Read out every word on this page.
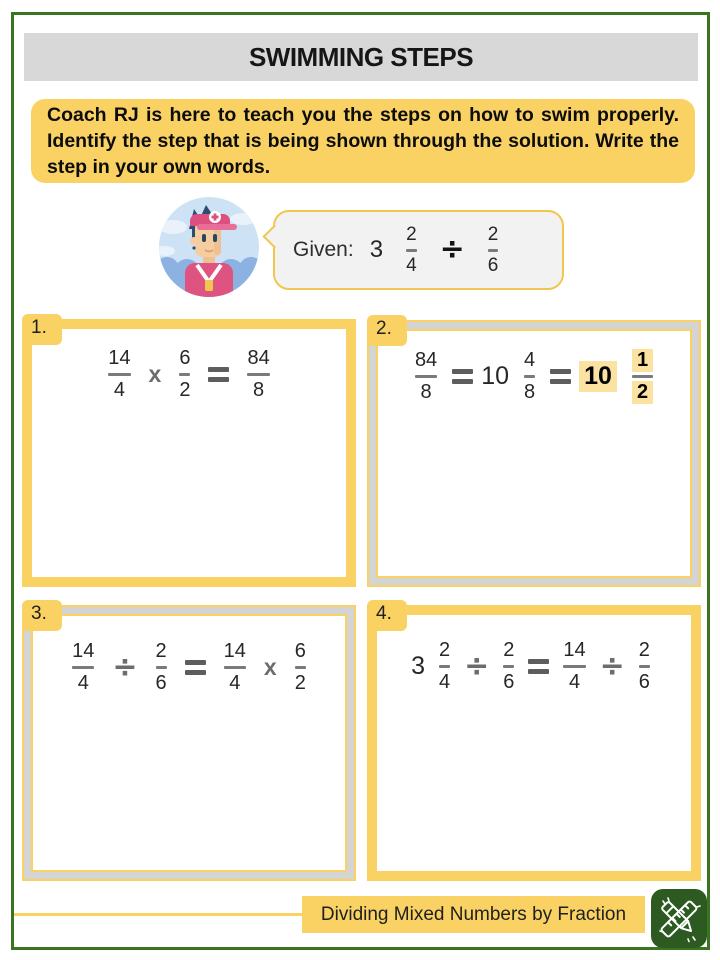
SWIMMING STEPS
Coach RJ is here to teach you the steps on how to swim properly. Identify the step that is being shown through the solution. Write the step in your own words.
Given: $3 \frac{2}{4} \div \frac{2}{6}$
$\frac{14}{4}$ x $\frac{6}{2} \frac{84}{8}$
1.
$\frac{84}{8} 10 \frac{4}{8} 10 \frac{1}{2}$
2.
$\frac{14}{4} \div \frac{2}{6} \frac{14}{4}$ x $\frac{6}{2}$
3.
$3 \frac{2}{4} \div \frac{2}{6} \frac{14}{4} \div \frac{2}{6}$
4.
Dividing Mixed Numbers by Fraction
